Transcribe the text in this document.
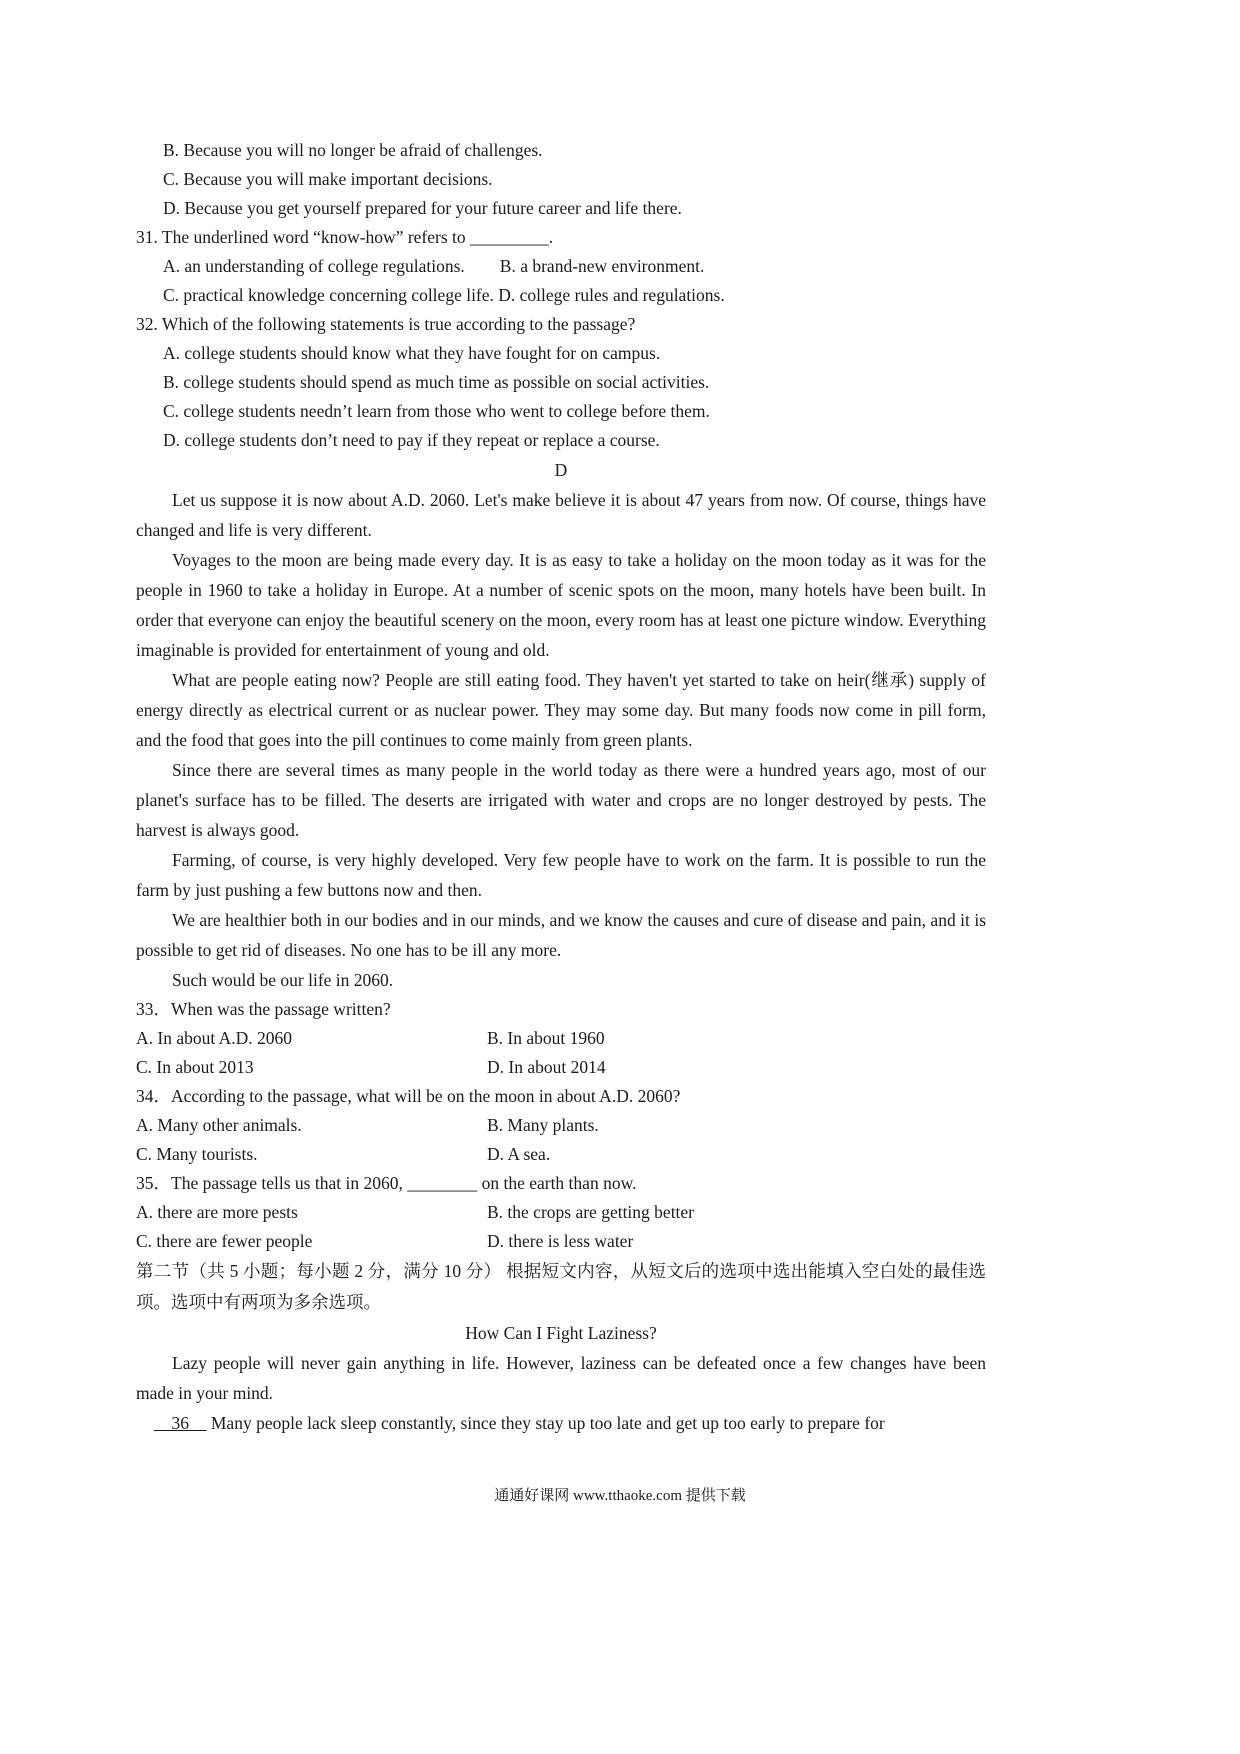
B. Because you will no longer be afraid of challenges.
C. Because you will make important decisions.
D. Because you get yourself prepared for your future career and life there.
31. The underlined word “know-how” refers to _________.
A. an understanding of college regulations.        B. a brand-new environment.
C. practical knowledge concerning college life. D. college rules and regulations.
32. Which of the following statements is true according to the passage?
A. college students should know what they have fought for on campus.
B. college students should spend as much time as possible on social activities.
C. college students needn’t learn from those who went to college before them.
D. college students don’t need to pay if they repeat or replace a course.
D
Let us suppose it is now about A.D. 2060. Let's make believe it is about 47 years from now. Of course, things have changed and life is very different.
Voyages to the moon are being made every day. It is as easy to take a holiday on the moon today as it was for the people in 1960 to take a holiday in Europe. At a number of scenic spots on the moon, many hotels have been built. In order that everyone can enjoy the beautiful scenery on the moon, every room has at least one picture window. Everything imaginable is provided for entertainment of young and old.
What are people eating now? People are still eating food. They haven't yet started to take on heir(继承) supply of energy directly as electrical current or as nuclear power. They may some day. But many foods now come in pill form, and the food that goes into the pill continues to come mainly from green plants.
Since there are several times as many people in the world today as there were a hundred years ago, most of our planet's surface has to be filled. The deserts are irrigated with water and crops are no longer destroyed by pests. The harvest is always good.
Farming, of course, is very highly developed. Very few people have to work on the farm. It is possible to run the farm by just pushing a few buttons now and then.
We are healthier both in our bodies and in our minds, and we know the causes and cure of disease and pain, and it is possible to get rid of diseases. No one has to be ill any more.
Such would be our life in 2060.
33．When was the passage written?
A. In about A.D. 2060	B. In about 1960
C. In about 2013	D. In about 2014
34．According to the passage, what will be on the moon in about A.D. 2060?
A. Many other animals.	B. Many plants.
C. Many tourists.	D. A sea.
35．The passage tells us that in 2060, ________ on the earth than now.
A. there are more pests	B. the crops are getting better
C. there are fewer people	D. there is less water
第二节（共 5 小题；每小题 2 分，满分 10 分） 根据短文内容，从短文后的选项中选出能填入空白处的最佳选项。选项中有两项为多余选项。
How Can I Fight Laziness?
Lazy people will never gain anything in life. However, laziness can be defeated once a few changes have been made in your mind.
36     Many people lack sleep constantly, since they stay up too late and get up too early to prepare for
通通好课网 www.tthaoke.com 提供下载
